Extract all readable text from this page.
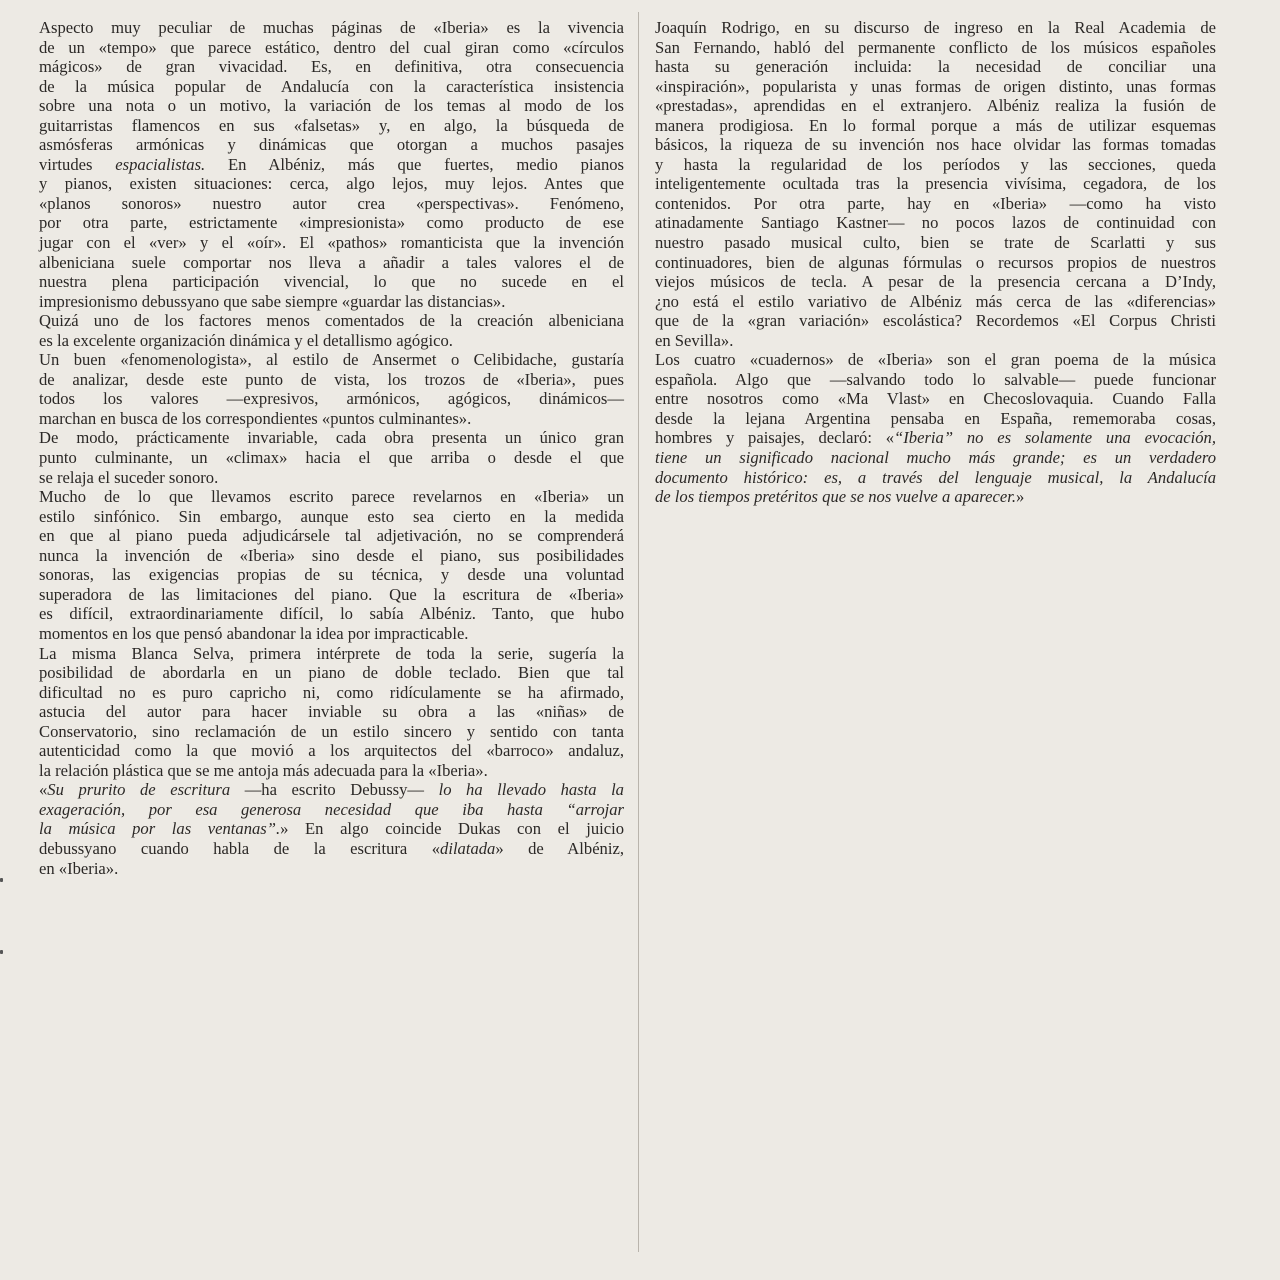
Aspecto muy peculiar de muchas páginas de «Iberia» es la vivencia
de un «tempo» que parece estático, dentro del cual giran como «círculos
mágicos» de gran vivacidad. Es, en definitiva, otra consecuencia
de la música popular de Andalucía con la característica insistencia
sobre una nota o un motivo, la variación de los temas al modo de los
guitarristas flamencos en sus «falsetas» y, en algo, la búsqueda de
asmósferas armónicas y dinámicas que otorgan a muchos pasajes
virtudes espacialistas. En Albéniz, más que fuertes, medio pianos
y pianos, existen situaciones: cerca, algo lejos, muy lejos. Antes que
«planos sonoros» nuestro autor crea «perspectivas». Fenómeno,
por otra parte, estrictamente «impresionista» como producto de ese
jugar con el «ver» y el «oír». El «pathos» romanticista que la invención
albeniciana suele comportar nos lleva a añadir a tales valores el de
nuestra plena participación vivencial, lo que no sucede en el
impresionismo debussyano que sabe siempre «guardar las distancias».
Quizá uno de los factores menos comentados de la creación albeniciana
es la excelente organización dinámica y el detallismo agógico.
Un buen «fenomenologista», al estilo de Ansermet o Celibidache, gustaría
de analizar, desde este punto de vista, los trozos de «Iberia», pues
todos los valores —expresivos, armónicos, agógicos, dinámicos—
marchan en busca de los correspondientes «puntos culminantes».
De modo, prácticamente invariable, cada obra presenta un único gran
punto culminante, un «climax» hacia el que arriba o desde el que
se relaja el suceder sonoro.
Mucho de lo que llevamos escrito parece revelarnos en «Iberia» un
estilo sinfónico. Sin embargo, aunque esto sea cierto en la medida
en que al piano pueda adjudicársele tal adjetivación, no se comprenderá
nunca la invención de «Iberia» sino desde el piano, sus posibilidades
sonoras, las exigencias propias de su técnica, y desde una voluntad
superadora de las limitaciones del piano. Que la escritura de «Iberia»
es difícil, extraordinariamente difícil, lo sabía Albéniz. Tanto, que hubo
momentos en los que pensó abandonar la idea por impracticable.
La misma Blanca Selva, primera intérprete de toda la serie, sugería la
posibilidad de abordarla en un piano de doble teclado. Bien que tal
dificultad no es puro capricho ni, como ridículamente se ha afirmado,
astucia del autor para hacer inviable su obra a las «niñas» de
Conservatorio, sino reclamación de un estilo sincero y sentido con tanta
autenticidad como la que movió a los arquitectos del «barroco» andaluz,
la relación plástica que se me antoja más adecuada para la «Iberia».
«Su prurito de escritura —ha escrito Debussy— lo ha llevado hasta la
exageración, por esa generosa necesidad que iba hasta “arrojar
la música por las ventanas”.» En algo coincide Dukas con el juicio
debussyano cuando habla de la escritura «dilatada» de Albéniz,
en «Iberia».
Joaquín Rodrigo, en su discurso de ingreso en la Real Academia de
San Fernando, habló del permanente conflicto de los músicos españoles
hasta su generación incluida: la necesidad de conciliar una
«inspiración», popularista y unas formas de origen distinto, unas formas
«prestadas», aprendidas en el extranjero. Albéniz realiza la fusión de
manera prodigiosa. En lo formal porque a más de utilizar esquemas
básicos, la riqueza de su invención nos hace olvidar las formas tomadas
y hasta la regularidad de los períodos y las secciones, queda
inteligentemente ocultada tras la presencia vivísima, cegadora, de los
contenidos. Por otra parte, hay en «Iberia» —como ha visto
atinadamente Santiago Kastner— no pocos lazos de continuidad con
nuestro pasado musical culto, bien se trate de Scarlatti y sus
continuadores, bien de algunas fórmulas o recursos propios de nuestros
viejos músicos de tecla. A pesar de la presencia cercana a D’Indy,
¿no está el estilo variativo de Albéniz más cerca de las «diferencias»
que de la «gran variación» escolástica? Recordemos «El Corpus Christi
en Sevilla».
Los cuatro «cuadernos» de «Iberia» son el gran poema de la música
española. Algo que —salvando todo lo salvable— puede funcionar
entre nosotros como «Ma Vlast» en Checoslovaquia. Cuando Falla
desde la lejana Argentina pensaba en España, rememoraba cosas,
hombres y paisajes, declaró: «“Iberia” no es solamente una evocación,
tiene un significado nacional mucho más grande; es un verdadero
documento histórico: es, a través del lenguaje musical, la Andalucía
de los tiempos pretéritos que se nos vuelve a aparecer.»
